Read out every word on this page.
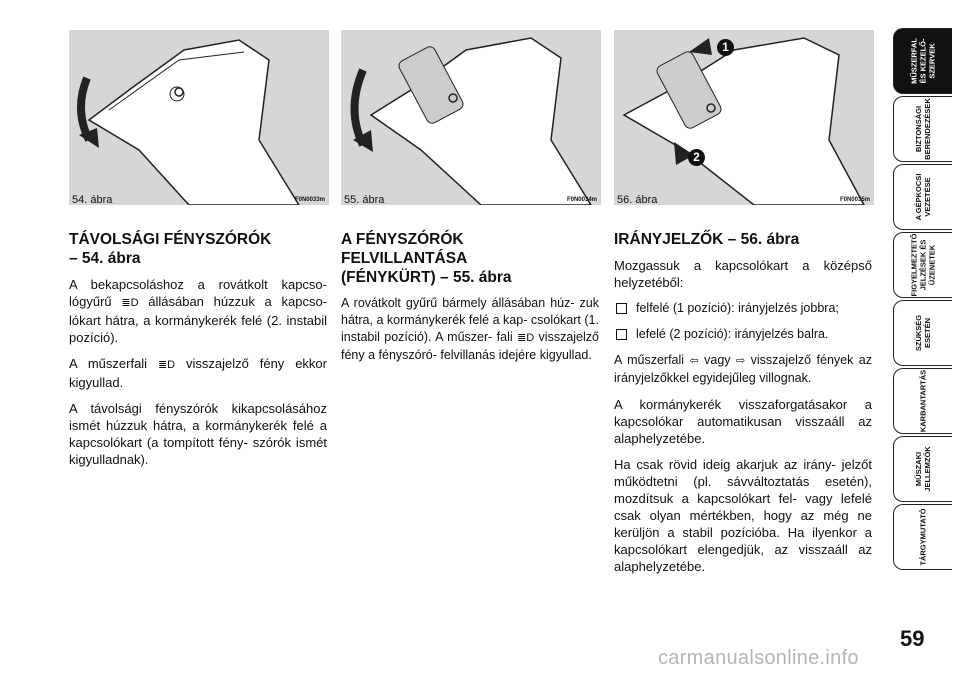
54. ábra	F0N0033m 55. ábra	F0N0034m
1
2
56. ábra	F0N0035m
TÁVOLSÁGI FÉNYSZÓRÓK
– 54. ábra

A bekapcsoláshoz a rovátkolt kapcso- lógyűrű ≣D állásában húzzuk a kapcso- lókart hátra, a kormánykerék felé (2. instabil pozíció).

A műszerfali ≣D visszajelző fény ekkor kigyullad.

A távolsági fényszórók kikapcsolásához ismét húzzuk hátra, a kormánykerék felé a kapcsolókart (a tompított fény- szórók ismét kigyulladnak).

A FÉNYSZÓRÓK
FELVILLANTÁSA
(FÉNYKÜRT) – 55. ábra

A rovátkolt gyűrű bármely állásában húz- zuk hátra, a kormánykerék felé a kap- csolókart (1. instabil pozíció). A műszer- fali ≣D visszajelző fény a fényszóró- felvillanás idejére kigyullad.

IRÁNYJELZŐK – 56. ábra

Mozgassuk a kapcsolókart a középső helyzetéből:

felfelé (1 pozíció): irányjelzés jobbra;
lefelé (2 pozíció): irányjelzés balra.

A műszerfali ⇦ vagy ⇨ visszajelző fények az irányjelzőkkel egyidejűleg villognak.

A kormánykerék visszaforgatásakor a kapcsolókar automatikusan visszaáll az alaphelyzetébe.

Ha csak rövid ideig akarjuk az irány- jelzőt működtetni (pl. sávváltoztatás esetén), mozdítsuk a kapcsolókart fel- vagy lefelé csak olyan mértékben, hogy az még ne kerüljön a stabil pozícióba. Ha ilyenkor a kapcsolókart elengedjük, az visszaáll az alaphelyzetébe.

MŰSZERFAL
ÉS KEZELŐ-
SZERVEK
BIZTONSÁGI
BERENDEZÉSEK
A GÉPKOCSI
VEZETÉSE
FIGYELMEZTETŐ
JELZÉSEK ÉS
ÜZENETEK
SZÜKSÉG
ESETÉN
KARBANTARTÁS
MŰSZAKI
JELLEMZŐK
TÁRGYMUTATÓ
59
carmanualsonline.info
